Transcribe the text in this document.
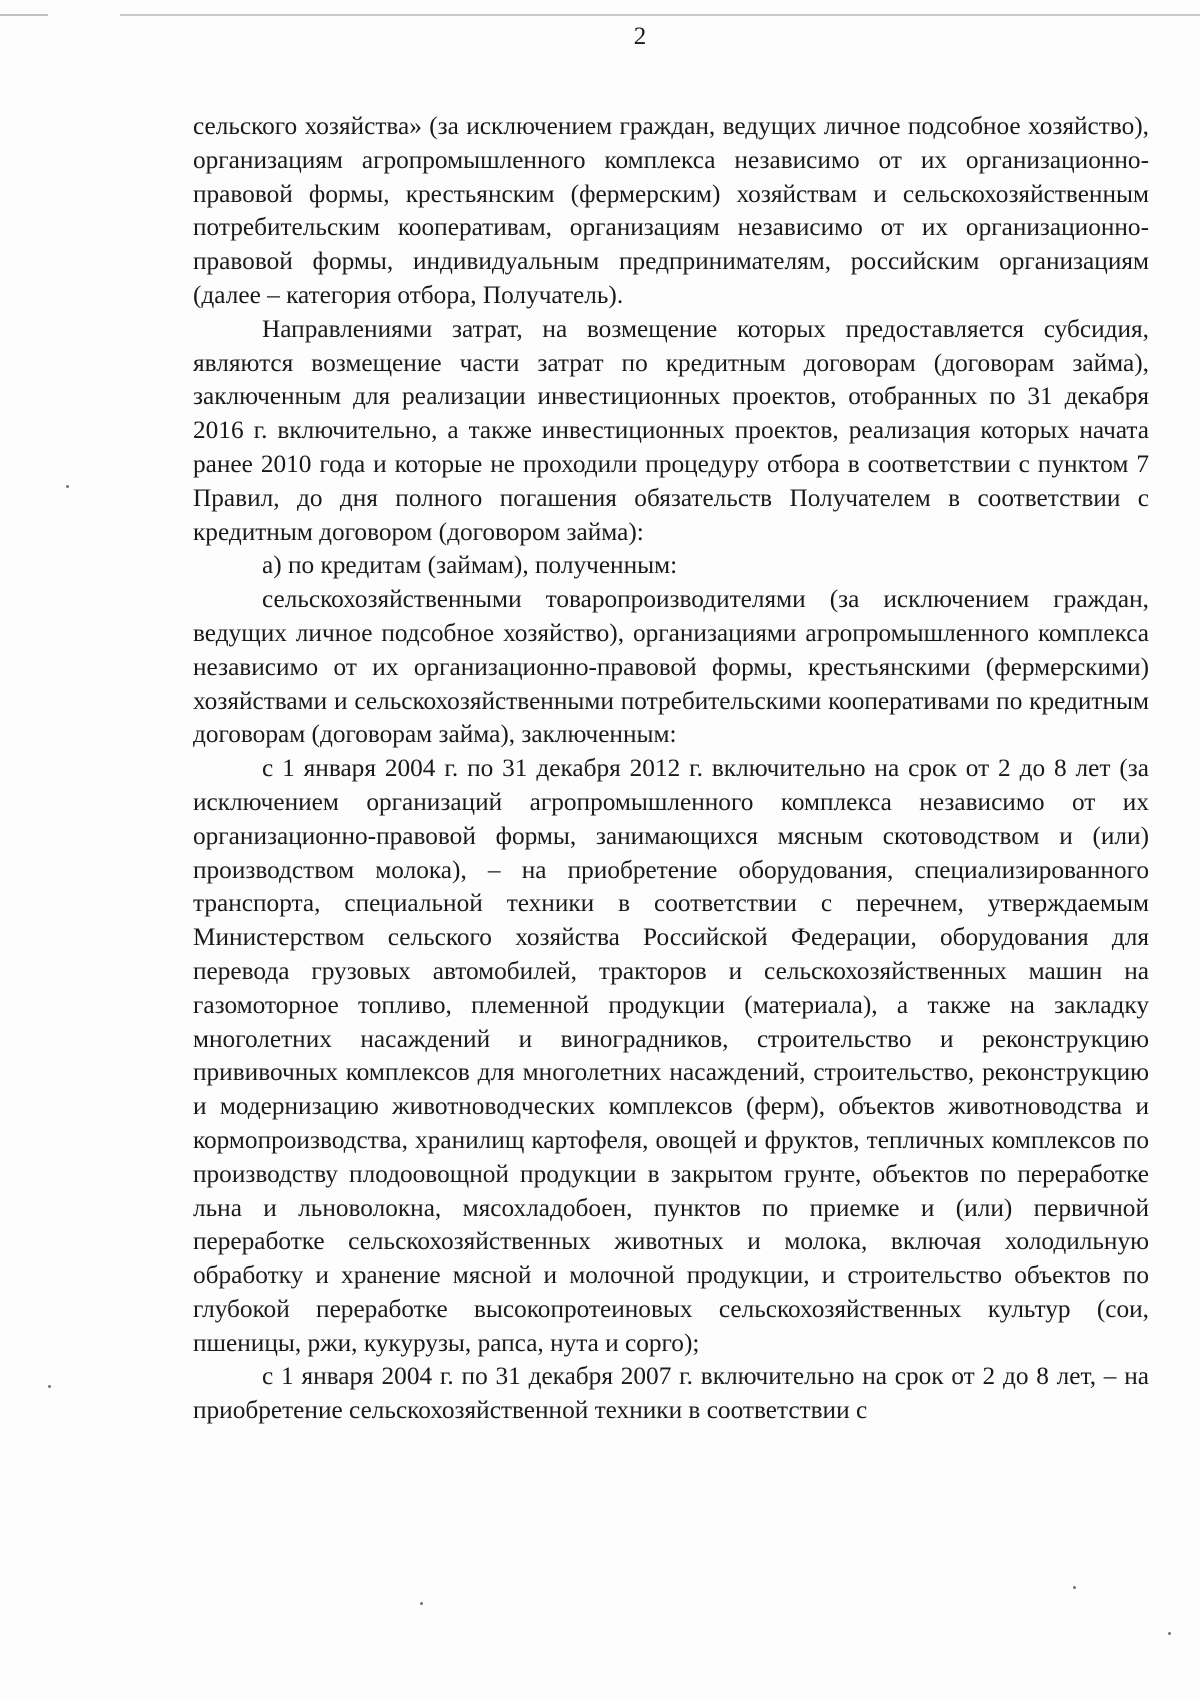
2

сельского хозяйства» (за исключением граждан, ведущих личное подсобное хозяйство), организациям агропромышленного комплекса независимо от их организационно-правовой формы, крестьянским (фермерским) хозяйствам и сельскохозяйственным потребительским кооперативам, организациям независимо от их организационно-правовой формы, индивидуальным предпринимателям, российским организациям (далее – категория отбора, Получатель).

Направлениями затрат, на возмещение которых предоставляется субсидия, являются возмещение части затрат по кредитным договорам (договорам займа), заключенным для реализации инвестиционных проектов, отобранных по 31 декабря 2016 г. включительно, а также инвестиционных проектов, реализация которых начата ранее 2010 года и которые не проходили процедуру отбора в соответствии с пунктом 7 Правил, до дня полного погашения обязательств Получателем в соответствии с кредитным договором (договором займа):

а) по кредитам (займам), полученным:

сельскохозяйственными товаропроизводителями (за исключением граждан, ведущих личное подсобное хозяйство), организациями агропромышленного комплекса независимо от их организационно-правовой формы, крестьянскими (фермерскими) хозяйствами и сельскохозяйственными потребительскими кооперативами по кредитным договорам (договорам займа), заключенным:

с 1 января 2004 г. по 31 декабря 2012 г. включительно на срок от 2 до 8 лет (за исключением организаций агропромышленного комплекса независимо от их организационно-правовой формы, занимающихся мясным скотоводством и (или) производством молока), – на приобретение оборудования, специализированного транспорта, специальной техники в соответствии с перечнем, утверждаемым Министерством сельского хозяйства Российской Федерации, оборудования для перевода грузовых автомобилей, тракторов и сельскохозяйственных машин на газомоторное топливо, племенной продукции (материала), а также на закладку многолетних насаждений и виноградников, строительство и реконструкцию прививочных комплексов для многолетних насаждений, строительство, реконструкцию и модернизацию животноводческих комплексов (ферм), объектов животноводства и кормопроизводства, хранилищ картофеля, овощей и фруктов, тепличных комплексов по производству плодоовощной продукции в закрытом грунте, объектов по переработке льна и льноволокна, мясохладобоен, пунктов по приемке и (или) первичной переработке сельскохозяйственных животных и молока, включая холодильную обработку и хранение мясной и молочной продукции, и строительство объектов по глубокой переработке высокопротеиновых сельскохозяйственных культур (сои, пшеницы, ржи, кукурузы, рапса, нута и сорго);

с 1 января 2004 г. по 31 декабря 2007 г. включительно на срок от 2 до 8 лет, – на приобретение сельскохозяйственной техники в соответствии с
